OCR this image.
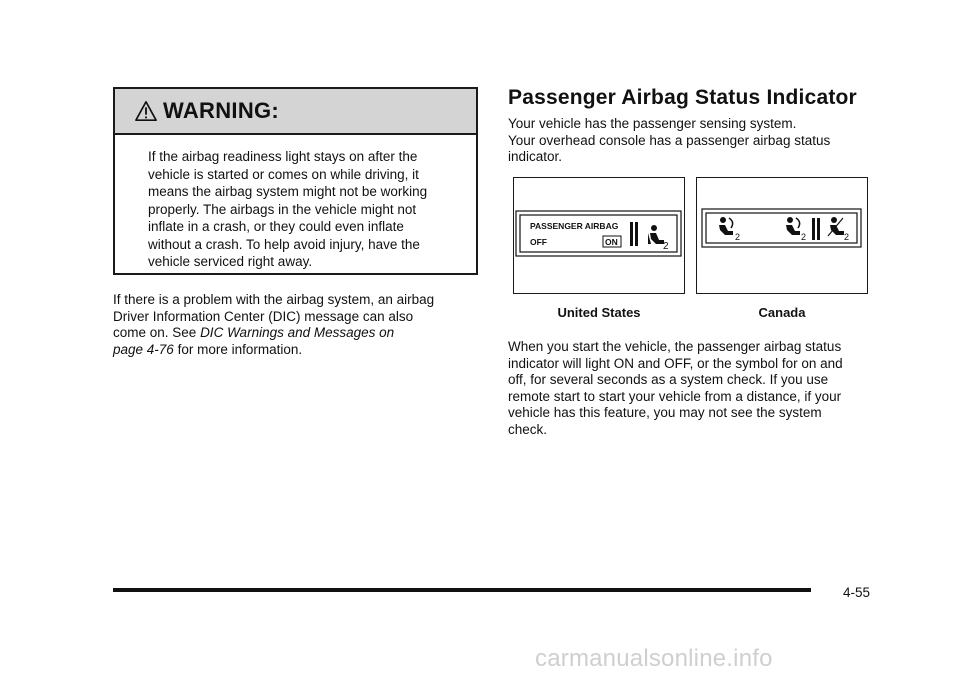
WARNING:
If the airbag readiness light stays on after the
vehicle is started or comes on while driving, it
means the airbag system might not be working
properly. The airbags in the vehicle might not
inflate in a crash, or they could even inflate
without a crash. To help avoid injury, have the
vehicle serviced right away.
If there is a problem with the airbag system, an airbag
Driver Information Center (DIC) message can also
come on. See DIC Warnings and Messages on
page 4-76 for more information.
Passenger Airbag Status Indicator
Your vehicle has the passenger sensing system.
Your overhead console has a passenger airbag status
indicator.
PASSENGER AIRBAG
OFF	ON	2
2	2	2
United States	Canada
When you start the vehicle, the passenger airbag status
indicator will light ON and OFF, or the symbol for on and
off, for several seconds as a system check. If you use
remote start to start your vehicle from a distance, if your
vehicle has this feature, you may not see the system
check.
4-55
carmanualsonline.info
